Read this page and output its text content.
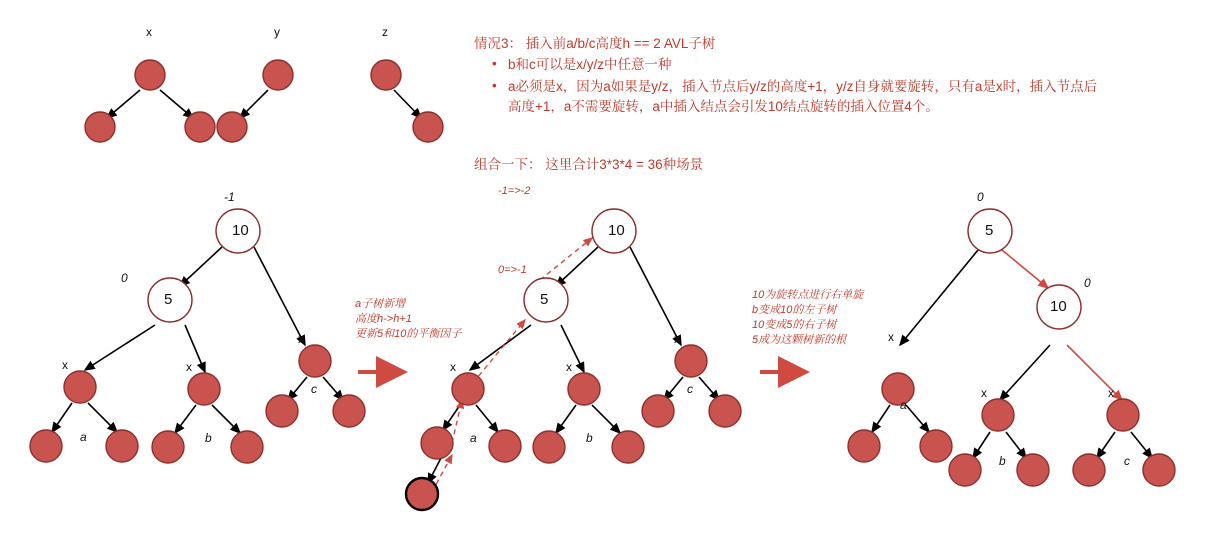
x	y	z
情况3： 插入前a/b/c高度h == 2 AVL子树
• b和c可以是x/y/z中任意一种
• a必须是x，因为a如果是y/z，插入节点后y/z的高度+1，y/z自身就要旋转，只有a是x时，插入节点后高度+1，a不需要旋转，a中插入结点会引发10结点旋转的插入位置4个。
组合一下： 这里合计3*3*4 = 36种场景
a子树新增
高度h->h+1
更新5和10的平衡因子
10为旋转点进行右单旋
b变成10的左子树
10变成5的右子树
5成为这颗树新的根
10
-1
5
0
x	x
x
a	b
c
10
-1=>-2
5
0=>-1
x	x
x
a	b
c
5
0
10
0
x
x	x
a
b	c
